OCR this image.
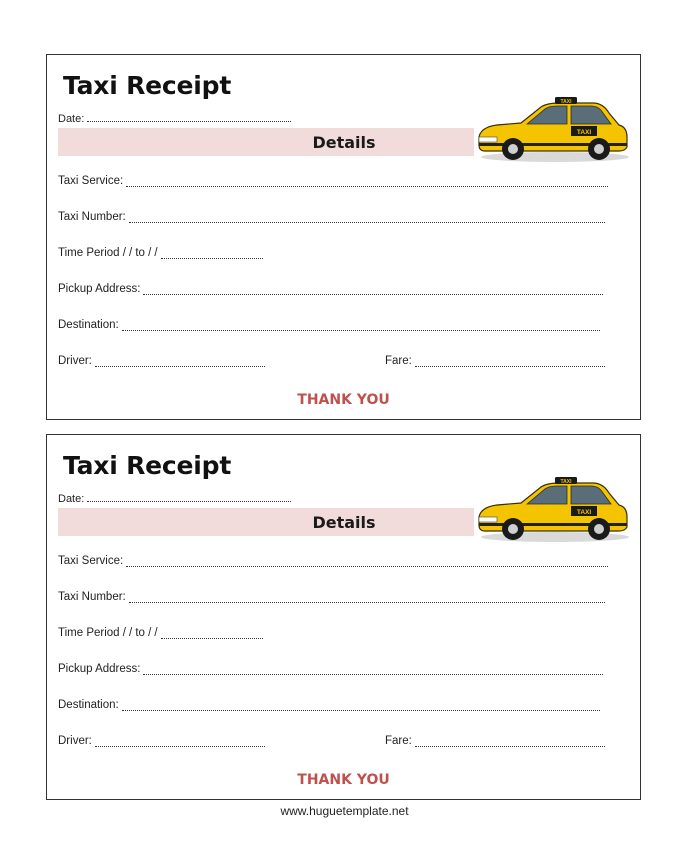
Taxi Receipt
Date:
Details
TAXI
TAXI
Taxi Service:
Taxi Number:
Time Period / / to / /
Pickup Address:
Destination:
Driver:	Fare:
THANK YOU
Taxi Receipt
Date:
Details
TAXI
TAXI
Taxi Service:
Taxi Number:
Time Period / / to / /
Pickup Address:
Destination:
Driver:	Fare:
THANK YOU
www.huguetemplate.net
